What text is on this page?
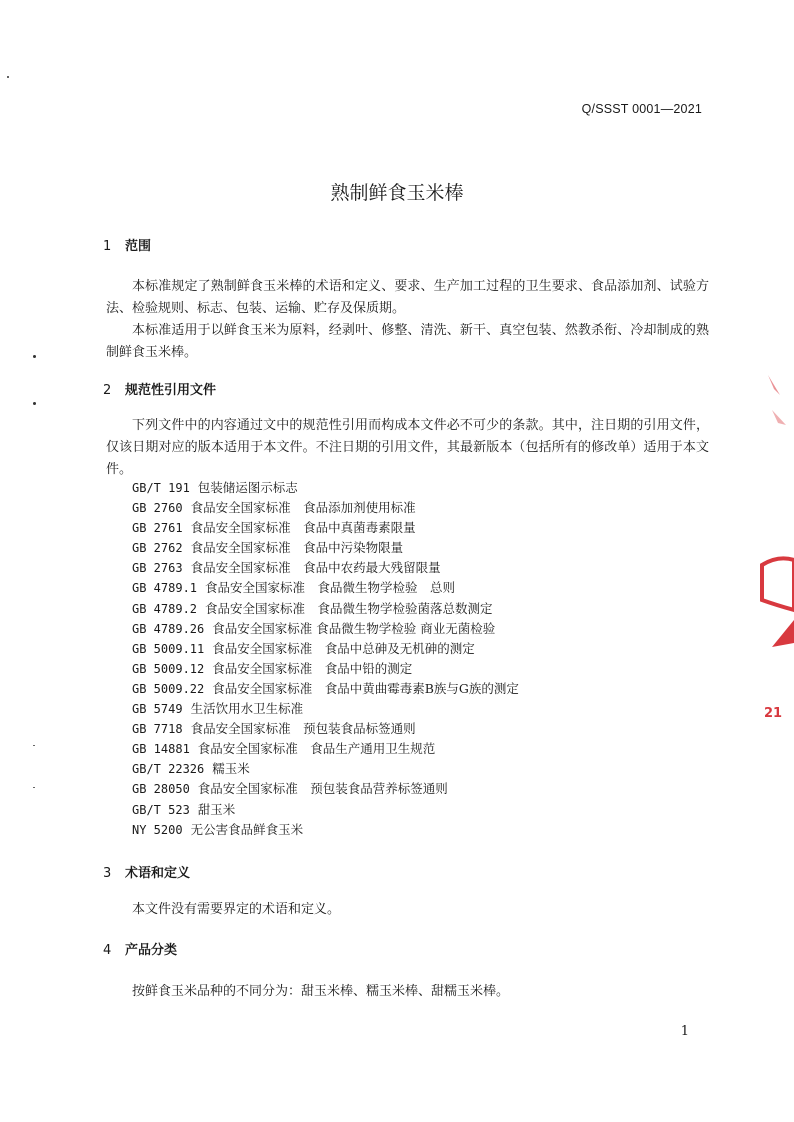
Q/SSST 0001—2021
熟制鲜食玉米棒
1 范围
本标准规定了熟制鲜食玉米棒的术语和定义、要求、生产加工过程的卫生要求、食品添加剂、试验方法、检验规则、标志、包装、运输、贮存及保质期。
本标准适用于以鲜食玉米为原料，经剥叶、修整、清洗、新干、真空包装、然教杀衔、冷却制成的熟制鲜食玉米棒。
2 规范性引用文件
下列文件中的内容通过文中的规范性引用而构成本文件必不可少的条款。其中，注日期的引用文件，仅该日期对应的版本适用于本文件。不注日期的引用文件，其最新版本（包括所有的修改单）适用于本文件。
GB/T 191 包装储运图示标志
GB 2760 食品安全国家标准　食品添加剂使用标准
GB 2761 食品安全国家标准　食品中真菌毒素限量
GB 2762 食品安全国家标准　食品中污染物限量
GB 2763 食品安全国家标准　食品中农药最大残留限量
GB 4789.1 食品安全国家标准　食品微生物学检验　总则
GB 4789.2 食品安全国家标准　食品微生物学检验菌落总数测定
GB 4789.26 食品安全国家标准 食品微生物学检验 商业无菌检验
GB 5009.11 食品安全国家标准　食品中总砷及无机砷的测定
GB 5009.12 食品安全国家标准　食品中铅的测定
GB 5009.22 食品安全国家标准　食品中黄曲霉毒素B族与G族的测定
GB 5749 生活饮用水卫生标准
GB 7718 食品安全国家标准　预包装食品标签通则
GB 14881 食品安全国家标准　食品生产通用卫生规范
GB/T 22326 糯玉米
GB 28050 食品安全国家标准　预包装食品营养标签通则
GB/T 523 甜玉米
NY 5200 无公害食品鲜食玉米
3 术语和定义
本文件没有需要界定的术语和定义。
4 产品分类
按鲜食玉米品种的不同分为：甜玉米棒、糯玉米棒、甜糯玉米棒。
1
21
